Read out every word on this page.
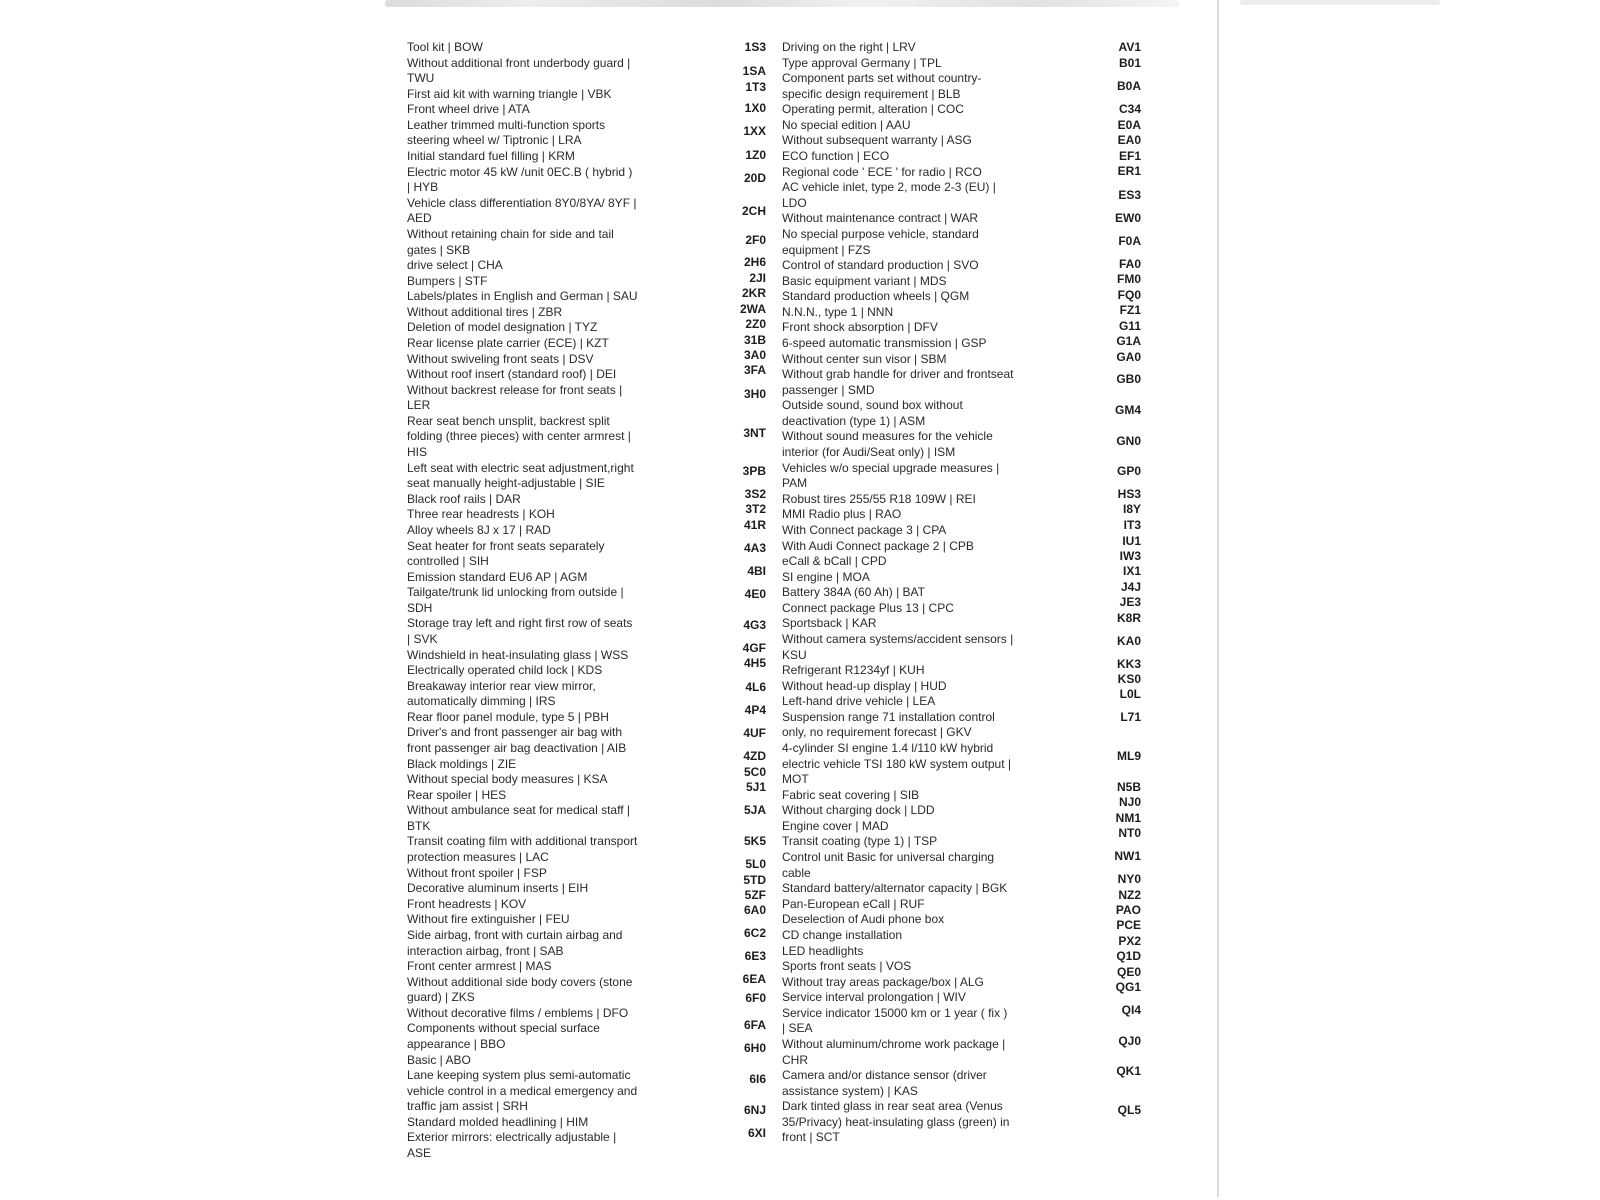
Tool kit | BOW
Without additional front underbody guard |
TWU
First aid kit with warning triangle | VBK
Front wheel drive | ATA
Leather trimmed multi-function sports
steering wheel w/ Tiptronic | LRA
Initial standard fuel filling | KRM
Electric motor 45 kW /unit 0EC.B ( hybrid )
| HYB
Vehicle class differentiation 8Y0/8YA/ 8YF |
AED
Without retaining chain for side and tail
gates | SKB
drive select | CHA
Bumpers | STF
Labels/plates in English and German | SAU
Without additional tires | ZBR
Deletion of model designation | TYZ
Rear license plate carrier (ECE) | KZT
Without swiveling front seats | DSV
Without roof insert (standard roof) | DEI
Without backrest release for front seats |
LER
Rear seat bench unsplit, backrest split
folding (three pieces) with center armrest |
HIS
Left seat with electric seat adjustment,right
seat manually height-adjustable | SIE
Black roof rails | DAR
Three rear headrests | KOH
Alloy wheels 8J x 17 | RAD
Seat heater for front seats separately
controlled | SIH
Emission standard EU6 AP | AGM
Tailgate/trunk lid unlocking from outside |
SDH
Storage tray left and right first row of seats
| SVK
Windshield in heat-insulating glass | WSS
Electrically operated child lock | KDS
Breakaway interior rear view mirror,
automatically dimming | IRS
Rear floor panel module, type 5 | PBH
Driver's and front passenger air bag with
front passenger air bag deactivation | AIB
Black moldings | ZIE
Without special body measures | KSA
Rear spoiler | HES
Without ambulance seat for medical staff |
BTK
Transit coating film with additional transport
protection measures | LAC
Without front spoiler | FSP
Decorative aluminum inserts | EIH
Front headrests | KOV
Without fire extinguisher | FEU
Side airbag, front with curtain airbag and
interaction airbag, front | SAB
Front center armrest | MAS
Without additional side body covers (stone
guard) | ZKS
Without decorative films / emblems | DFO
Components without special surface
appearance | BBO
Basic | ABO
Lane keeping system plus semi-automatic
vehicle control in a medical emergency and
traffic jam assist | SRH
Standard molded headlining | HIM
Exterior mirrors: electrically adjustable |
ASE
1S3
1SA
1T3
1X0
1XX
1Z0
20D
2CH
2F0
2H6
2JI
2KR
2WA
2Z0
31B
3A0
3FA
3H0
3NT
3PB
3S2
3T2
41R
4A3
4BI
4E0
4G3
4GF
4H5
4L6
4P4
4UF
4ZD
5C0
5J1
5JA
5K5
5L0
5TD
5ZF
6A0
6C2
6E3
6EA
6F0
6FA
6H0
6I6
6NJ
6XI
Driving on the right | LRV
Type approval Germany | TPL
Component parts set without country-
specific design requirement | BLB
Operating permit, alteration | COC
No special edition | AAU
Without subsequent warranty | ASG
ECO function | ECO
Regional code ' ECE ' for radio | RCO
AC vehicle inlet, type 2, mode 2-3 (EU) |
LDO
Without maintenance contract | WAR
No special purpose vehicle, standard
equipment | FZS
Control of standard production | SVO
Basic equipment variant | MDS
Standard production wheels | QGM
N.N.N., type 1 | NNN
Front shock absorption | DFV
6-speed automatic transmission | GSP
Without center sun visor | SBM
Without grab handle for driver and frontseat
passenger | SMD
Outside sound, sound box without
deactivation (type 1) | ASM
Without sound measures for the vehicle
interior (for Audi/Seat only) | ISM
Vehicles w/o special upgrade measures |
PAM
Robust tires 255/55 R18 109W | REI
MMI Radio plus | RAO
With Connect package 3 | CPA
With Audi Connect package 2 | CPB
eCall & bCall | CPD
SI engine | MOA
Battery 384A (60 Ah) | BAT
Connect package Plus 13 | CPC
Sportsback | KAR
Without camera systems/accident sensors |
KSU
Refrigerant R1234yf | KUH
Without head-up display | HUD
Left-hand drive vehicle | LEA
Suspension range 71 installation control
only, no requirement forecast | GKV
4-cylinder SI engine 1.4 l/110 kW hybrid
electric vehicle TSI 180 kW system output |
MOT
Fabric seat covering | SIB
Without charging dock | LDD
Engine cover | MAD
Transit coating (type 1) | TSP
Control unit Basic for universal charging
cable
Standard battery/alternator capacity | BGK
Pan-European eCall | RUF
Deselection of Audi phone box
CD change installation
LED headlights
Sports front seats | VOS
Without tray areas package/box | ALG
Service interval prolongation | WIV
Service indicator 15000 km or 1 year ( fix )
| SEA
Without aluminum/chrome work package |
CHR
Camera and/or distance sensor (driver
assistance system) | KAS
Dark tinted glass in rear seat area (Venus
35/Privacy) heat-insulating glass (green) in
front | SCT
AV1
B01
B0A
C34
E0A
EA0
EF1
ER1
ES3
EW0
F0A
FA0
FM0
FQ0
FZ1
G11
G1A
GA0
GB0
GM4
GN0
GP0
HS3
I8Y
IT3
IU1
IW3
IX1
J4J
JE3
K8R
KA0
KK3
KS0
L0L
L71
ML9
N5B
NJ0
NM1
NT0
NW1
NY0
NZ2
PAO
PCE
PX2
Q1D
QE0
QG1
QI4
QJ0
QK1
QL5
